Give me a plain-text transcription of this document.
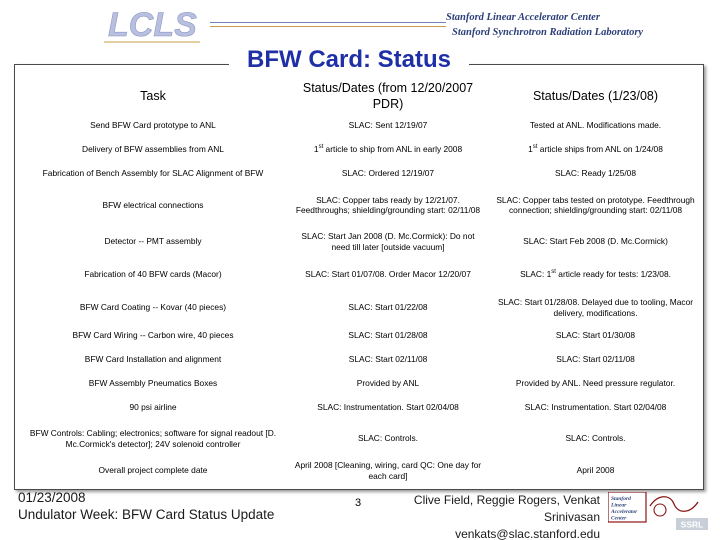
LCLS	Stanford Linear Accelerator Center
Stanford Synchrotron Radiation Laboratory
BFW Card: Status
Task	Status/Dates (from 12/20/2007 PDR)	Status/Dates (1/23/08)
Send BFW Card prototype to ANL	SLAC: Sent 12/19/07	Tested at ANL. Modifications made.
Delivery of BFW assemblies from ANL	1st article to ship from ANL in early 2008	1st article ships from ANL on 1/24/08
Fabrication of Bench Assembly for SLAC Alignment of BFW	SLAC: Ordered 12/19/07	SLAC: Ready 1/25/08
BFW electrical connections	SLAC: Copper tabs ready by 12/21/07. Feedthroughs; shielding/grounding start: 02/11/08	SLAC: Copper tabs tested on prototype. Feedthrough connection; shielding/grounding start: 02/11/08
Detector -- PMT assembly	SLAC: Start Jan 2008 (D. Mc.Cormick): Do not need till later [outside vacuum]	SLAC: Start Feb 2008 (D. Mc.Cormick)
Fabrication of 40 BFW cards (Macor)	SLAC: Start 01/07/08. Order Macor 12/20/07	SLAC: 1st article ready for tests: 1/23/08.
BFW Card Coating -- Kovar (40 pieces)	SLAC: Start 01/22/08	SLAC: Start 01/28/08. Delayed due to tooling, Macor delivery, modifications.
BFW Card Wiring -- Carbon wire, 40 pieces	SLAC: Start 01/28/08	SLAC: Start 01/30/08
BFW Card Installation and alignment	SLAC: Start 02/11/08	SLAC: Start 02/11/08
BFW Assembly Pneumatics Boxes	Provided by ANL	Provided by ANL. Need pressure regulator.
90 psi airline	SLAC: Instrumentation. Start 02/04/08	SLAC: Instrumentation. Start 02/04/08
BFW Controls: Cabling; electronics; software for signal readout [D. Mc.Cormick's detector]; 24V solenoid controller	SLAC: Controls.	SLAC: Controls.
Overall project complete date	April 2008 [Cleaning, wiring, card QC: One day for each card]	April 2008
01/23/2008
Undulator Week: BFW Card Status Update
3	Clive Field, Reggie Rogers, Venkat
Srinivasan
venkats@slac.stanford.edu
Stanford Linear Accelerator Center
SSRL
